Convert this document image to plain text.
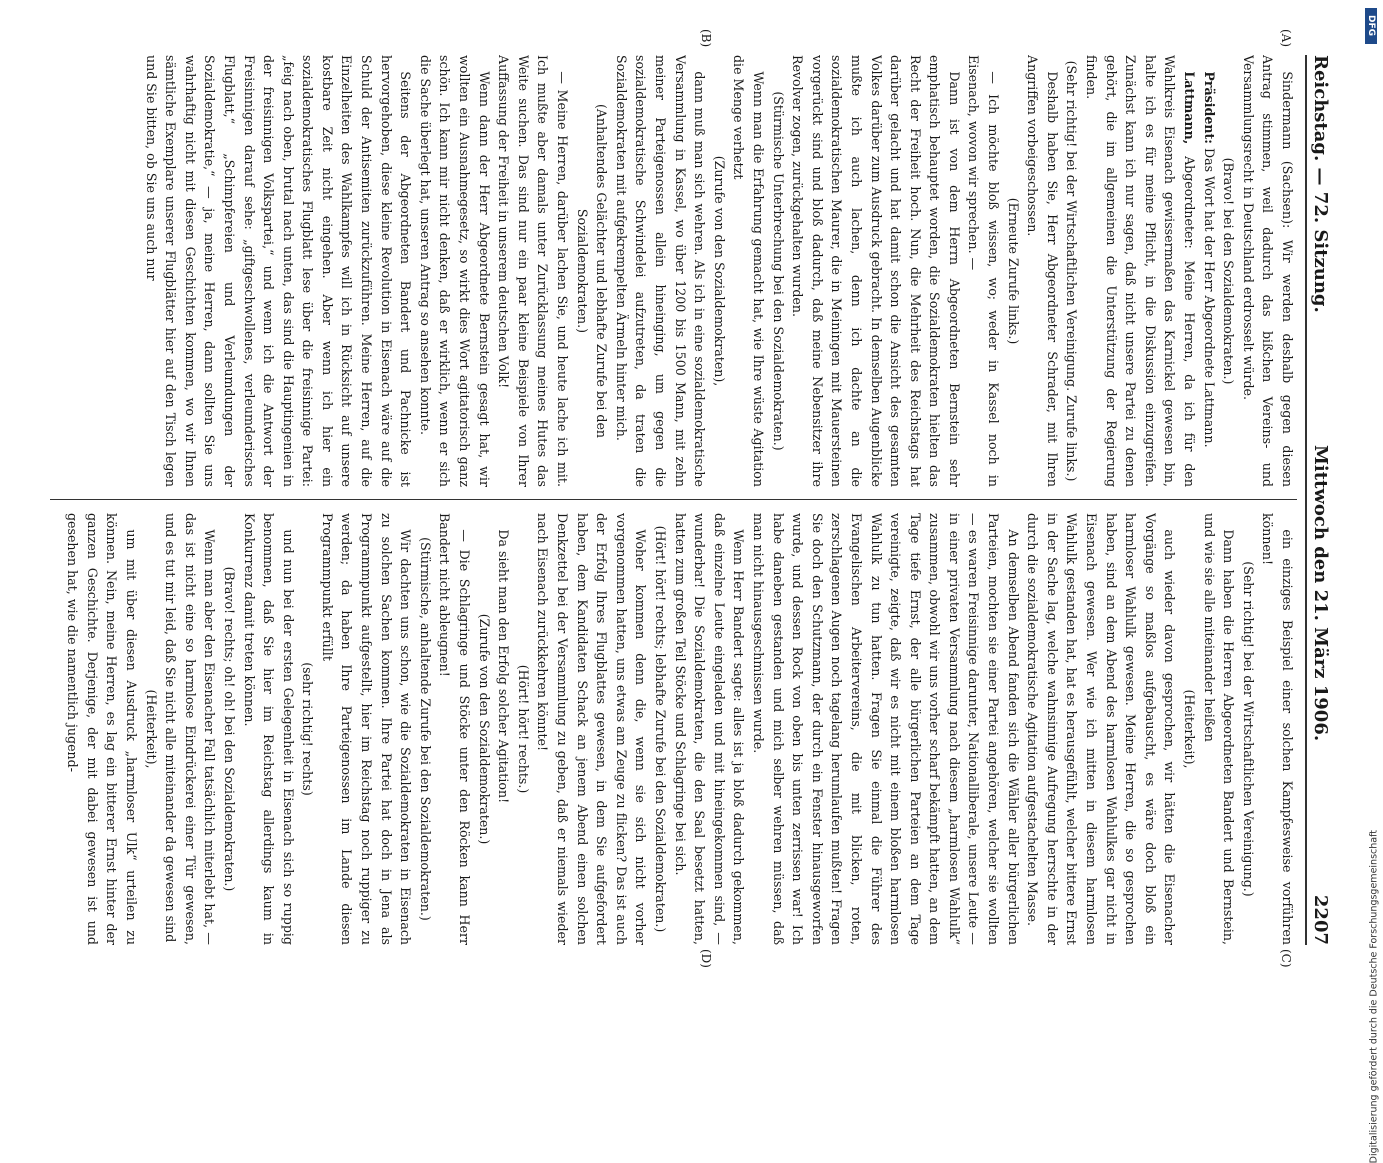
Reichstag. — 72. Sitzung.
Mittwoch den 21. März 1906.
2207
(A)
(B)
(C)
(D)

Sindermann (Sachsen): Wir werden deshalb gegen diesen Antrag stimmen, weil dadurch das bißchen Vereins- und Versammlungsrecht in Deutschland erdrosselt würde.

(Bravo! bei den Sozialdemokraten.)

Präsident: Das Wort hat der Herr Abgeordnete Lattmann.

Lattmann, Abgeordneter: Meine Herren, da ich für den Wahlkreis Eisenach gewissermaßen das Karnickel gewesen bin, halte ich es für meine Pflicht, in die Diskussion einzugreifen. Zunächst kann ich nur sagen, daß nicht unsere Partei zu denen gehört, die im allgemeinen die Unterstützung der Regierung finden.

(Sehr richtig! bei der Wirtschaftlichen Vereinigung. Zurufe links.)

Deshalb haben Sie, Herr Abgeordneter Schrader, mit Ihren Angriffen vorbeigeschossen.

(Erneute Zurufe links.)

— Ich möchte bloß wissen, wo; weder in Kassel noch in Eisenach, wovon wir sprechen. —

Dann ist von dem Herrn Abgeordneten Bernstein sehr emphatisch behauptet worden, die Sozialdemokraten hielten das Recht der Freiheit hoch. Nun, die Mehrheit des Reichstags hat darüber gelacht und hat damit schon die Ansicht des gesamten Volkes darüber zum Ausdruck gebracht. In demselben Augenblicke mußte ich auch lachen, denn ich dachte an die sozialdemokratischen Maurer, die in Meiningen mit Mauersteinen vorgerückt sind und bloß dadurch, daß meine Nebensitzer ihre Revolver zogen, zurückgehalten wurden.

(Stürmische Unterbrechung bei den Sozialdemokraten.)

Wenn man die Erfahrung gemacht hat, wie Ihre wüste Agitation die Menge verhetzt

(Zurufe von den Sozialdemokraten),

dann muß man sich wehren. Als ich in eine sozialdemokratische Versammlung in Kassel, wo über 1200 bis 1500 Mann, mit zehn meiner Parteigenossen allein hineinging, um gegen die sozialdemokratische Schwindelei aufzutreten, da traten die Sozialdemokraten mit aufgekrempelten Ärmeln hinter mich.

(Anhaltendes Gelächter und lebhafte Zurufe bei den Sozialdemokraten.)

— Meine Herren, darüber lachen Sie, und heute lache ich mit. Ich mußte aber damals unter Zurücklassung meines Hutes das Weite suchen. Das sind nur ein paar kleine Beispiele von Ihrer Auffassung der Freiheit in unserem deutschen Volk!

Wenn dann der Herr Abgeordnete Bernstein gesagt hat, wir wollten ein Ausnahmegesetz, so wirkt dies Wort agitatorisch ganz schön. Ich kann mir nicht denken, daß er wirklich, wenn er sich die Sache überlegt hat, unseren Antrag so ansehen konnte.

Seitens der Abgeordneten Bandert und Pachnicke ist hervorgehoben, diese kleine Revolution in Eisenach wäre auf die Schuld der Antisemiten zurückzuführen. Meine Herren, auf die Einzelheiten des Wahlkampfes will ich in Rücksicht auf unsere kostbare Zeit nicht eingehen. Aber wenn ich hier ein sozialdemokratisches Flugblatt lese über die freisinnige Partei: „feig nach oben, brutal nach unten, das sind die Hauptingenien in der freisinnigen Volkspartei,“ und wenn ich die Antwort der Freisinnigen darauf sehe: „giftgeschwollenes, verleumderisches Flugblatt,“ „Schimpfereien und Verleumdungen der Sozialdemokratie,“ — ja, meine Herren, dann sollten Sie uns wahrhaftig nicht mit diesen Geschichten kommen, wo wir Ihnen sämtliche Exemplare unserer Flugblätter hier auf den Tisch legen und Sie bitten, ob Sie uns auch nur

ein einziges Beispiel einer solchen Kampfesweise vorführen können!

(Sehr richtig! bei der Wirtschaftlichen Vereinigung.)

Dann haben die Herren Abgeordneten Bandert und Bernstein, und wie sie alle miteinander heißen

(Heiterkeit),

auch wieder davon gesprochen, wir hätten die Eisenacher Vorgänge so maßlos aufgebauscht, es wäre doch bloß ein harmloser Wahlulk gewesen. Meine Herren, die so gesprochen haben, sind an dem Abend des harmlosen Wahlulkes gar nicht in Eisenach gewesen. Wer wie ich mitten in diesem harmlosen Wahlulk gestanden hat, hat es herausgefühlt, welcher bittere Ernst in der Sache lag, welche wahnsinnige Aufregung herrschte in der durch die sozialdemokratische Agitation aufgestachelten Masse.

An demselben Abend fanden sich die Wähler aller bürgerlichen Parteien, mochten sie einer Partei angehören, welcher sie wollten — es waren Freisinnige darunter, Nationalliberale, unsere Leute — in einer privaten Versammlung nach diesem „harmlosen Wahlulk“ zusammen, obwohl wir uns vorher scharf bekämpft hatten, an dem Tage tiefe Ernst, der alle bürgerlichen Parteien an dem Tage vereinigte, zeigte, daß wir es nicht mit einem bloßen harmlosen Wahlulk zu tun hatten. Fragen Sie einmal die Führer des Evangelischen Arbeitervereins, die mit blicken, roten, zerschlagenen Augen noch tagelang herumlaufen mußten! Fragen Sie doch den Schutzmann, der durch ein Fenster hinausgeworfen wurde, und dessen Rock von oben bis unten zerrissen war! Ich habe daneben gestanden und mich selber wehren müssen, daß man nicht hinausgeschmissen wurde.

Wenn Herr Bandert sagte: alles ist ja bloß dadurch gekommen, daß einzelne Leute eingeladen und mit hineingekommen sind, — wunderbar! Die Sozialdemokraten, die den Saal besetzt hatten, hatten zum großen Teil Stöcke und Schlagringe bei sich.

(Hört! hört! rechts; lebhafte Zurufe bei den Sozialdemokraten.)

Woher kommen denn die, wenn sie sich nicht vorher vorgenommen hatten, uns etwas am Zeuge zu flicken? Das ist auch der Erfolg Ihres Flugblattes gewesen, in dem Sie aufgefordert haben, dem Kandidaten Schack an jenem Abend einen solchen Denkzettel bei der Versammlung zu geben, daß er niemals wieder nach Eisenach zurückkehren könnte!

(Hört! hört! rechts.)

Da sieht man den Erfolg solcher Agitation!

(Zurufe von den Sozialdemokraten.)

— Die Schlagringe und Stöcke unter den Röcken kann Herr Bandert nicht ableugnen!

(Stürmische, anhaltende Zurufe bei den Sozialdemokraten.)

Wir dachten uns schon, wie die Sozialdemokraten in Eisenach zu solchen Sachen kommen. Ihre Partei hat doch in Jena als Programmpunkt aufgestellt, hier im Reichstag noch ruppiger zu werden; da haben Ihre Parteigenossen im Lande diesen Programmpunkt erfüllt

(sehr richtig! rechts)

und nun bei der ersten Gelegenheit in Eisenach sich so ruppig benommen, daß Sie hier im Reichstag allerdings kaum in Konkurrenz damit treten können.

(Bravo! rechts; oh! oh! bei den Sozialdemokraten.)

Wenn man aber den Eisenacher Fall tatsächlich miterlebt hat, — das ist nicht eine so harmlose Eindrückerei einer Tür gewesen, und es tut mir leid, daß Sie nicht alle miteinander da gewesen sind

(Heiterkeit),

um mit über diesen Ausdruck „harmloser Ulk“ urteilen zu können. Nein, meine Herren, es lag ein bitterer Ernst hinter der ganzen Geschichte. Derjenige, der mit dabei gewesen ist und gesehen hat, wie die namentlich jugend-

DFG
Digitalisierung gefördert durch die Deutsche Forschungsgemeinschaft
